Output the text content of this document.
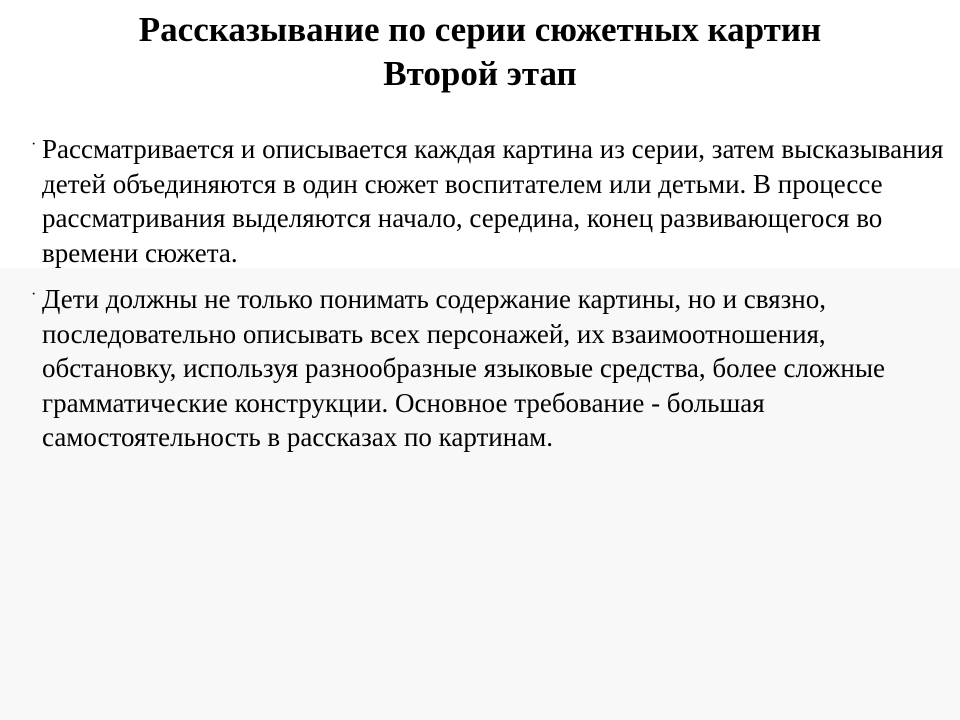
Рассказывание по серии сюжетных картин
Второй этап
· Рассматривается и описывается каждая картина из серии, затем высказывания детей объединяются в один сюжет воспитателем или детьми. В процессе рассматривания выделяются начало, середина, конец развивающегося во времени сюжета.
· Дети должны не только понимать содержание картины, но и связно, последовательно описывать всех персонажей, их взаимоотношения, обстановку, используя разнообразные языковые средства, более сложные грамматические конструкции. Основное требование - большая самостоятельность в рассказах по картинам.
